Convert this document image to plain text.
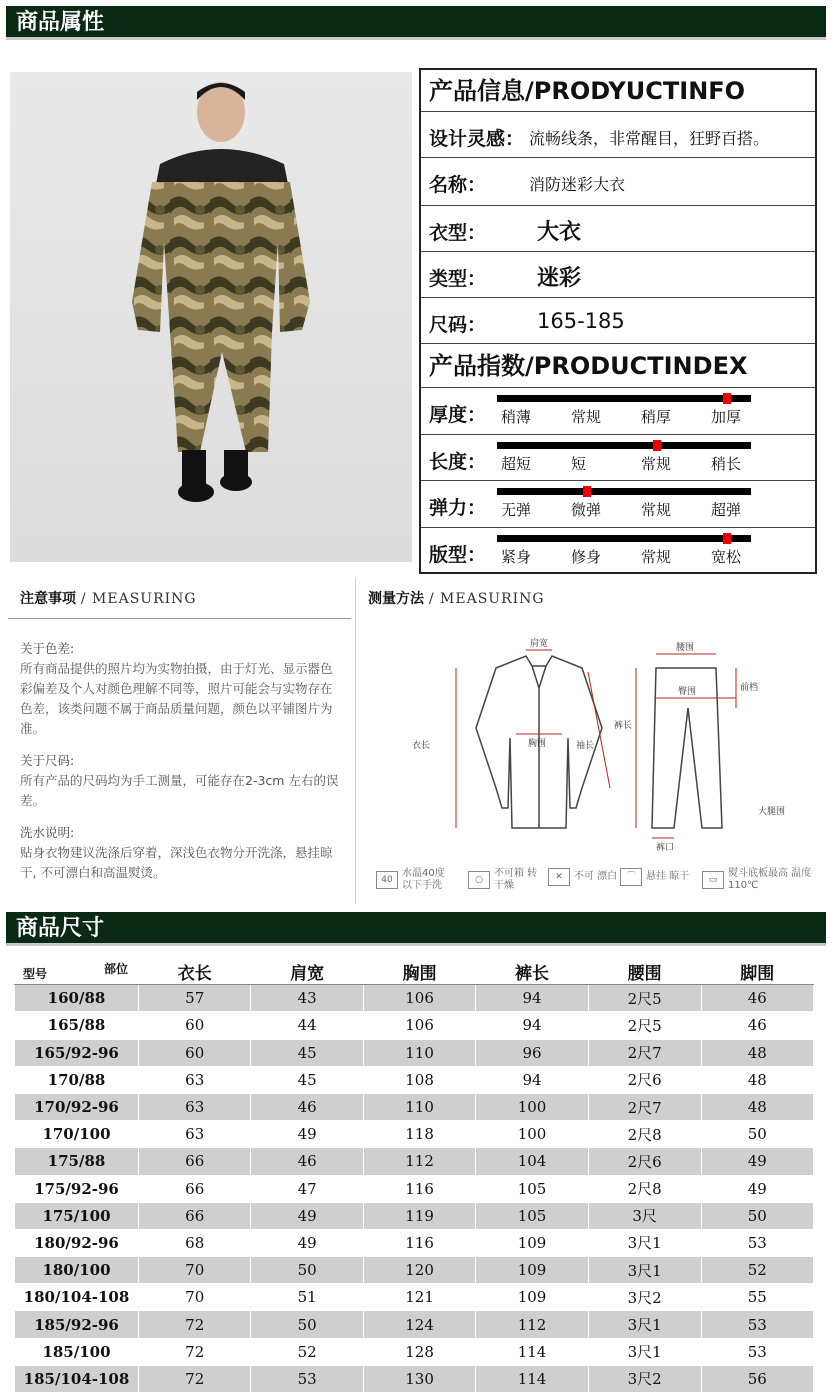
商品属性
产品信息/PRODYUCTINFO
设计灵感： 流畅线条，非常醒目，狂野百搭。
名称：	消防迷彩大衣
衣型： 大衣
类型： 迷彩
尺码： 165-185
产品指数/PRODUCTINDEX
厚度： 稍薄	常规	稍厚	加厚
长度： 超短	短	常规	稍长
弹力： 无弹	微弹	常规	超弹
版型： 紧身	修身	常规	宽松
注意事项 / MEASURING
关于色差:

所有商品提供的照片均为实物拍摄，由于灯光、显示器色彩偏差及个人对颜色理解不同等，照片可能会与实物存在色差，该类问题不属于商品质量问题，颜色以平铺图片为准。

关于尺码:

所有产品的尺码均为手工测量，可能存在2-3cm 左右的误差。

洗水说明:

贴身衣物建议洗涤后穿着，深浅色衣物分开洗涤，悬挂晾干, 不可漂白和高温熨烫。

测量方法 / MEASURING
肩宽
衣长	袖长
胸围
腰围
裤长
臀围	前档
大腿围
裤口
40水温40度 以下手洗	○不可箱 转干燥
✕ 不可 漂白	⌒ 悬挂 晾干	▭熨斗底板最高 温度110℃
商品尺寸
部位
型号	衣长	肩宽	胸围	裤长	腰围	脚围
160/88	57	43	106	94	2尺5	46
165/88	60	44	106	94	2尺5	46
165/92-96	60	45	110	96	2尺7	48
170/88	63	45	108	94	2尺6	48
170/92-96	63	46	110	100	2尺7	48
170/100	63	49	118	100	2尺8	50
175/88	66	46	112	104	2尺6	49
175/92-96	66	47	116	105	2尺8	49
175/100	66	49	119	105	3尺	50
180/92-96	68	49	116	109	3尺1	53
180/100	70	50	120	109	3尺1	52
180/104-108	70	51	121	109	3尺2	55
185/92-96	72	50	124	112	3尺1	53
185/100	72	52	128	114	3尺1	53
185/104-108	72	53	130	114	3尺2	56
